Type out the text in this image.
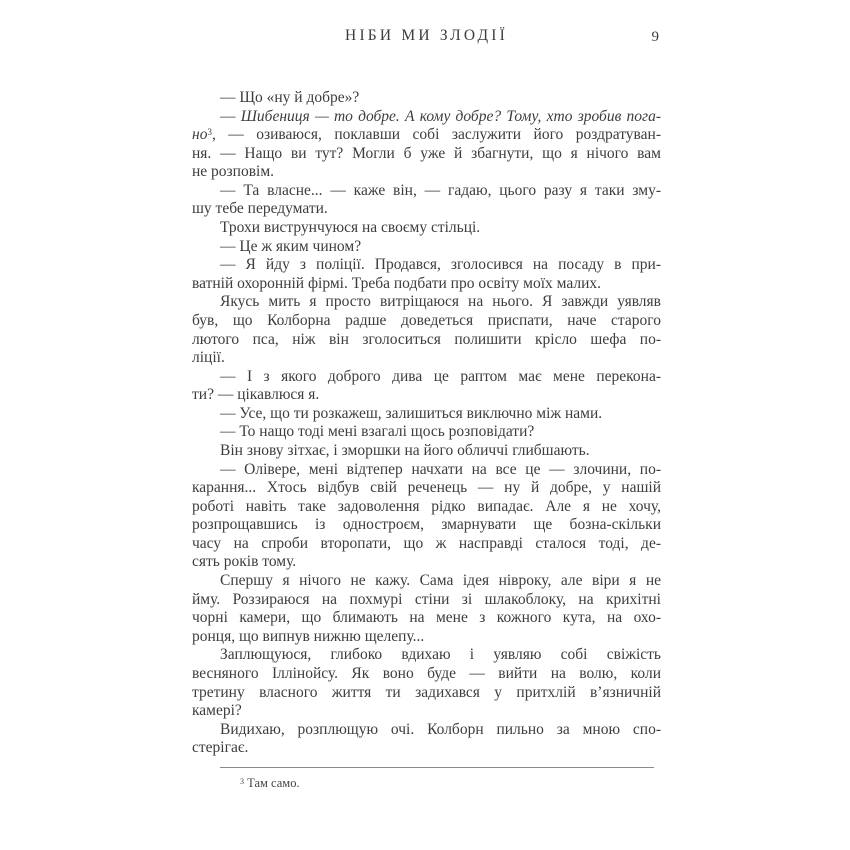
НІБИ МИ ЗЛОДІЇ	9
— Що «ну й добре»?
— Шибениця — то добре. А кому добре? Тому, хто зробив пога-
$но^3$, — озиваюся, поклавши собі заслужити його роздратуван-
ня. — Нащо ви тут? Могли б уже й збагнути, що я нічого вам
не розповім.
— Та власне... — каже він, — гадаю, цього разу я таки зму-
шу тебе передумати.
Трохи виструнчуюся на своєму стільці.
— Це ж яким чином?
— Я йду з поліції. Продався, зголосився на посаду в при-
ватній охоронній фірмі. Треба подбати про освіту моїх малих.
Якусь мить я просто витріщаюся на нього. Я завжди уявляв
був, що Колборна радше доведеться приспати, наче старого
лютого пса, ніж він зголоситься полишити крісло шефа по-
ліції.
— І з якого доброго дива це раптом має мене перекона-
ти? — цікавлюся я.
— Усе, що ти розкажеш, залишиться виключно між нами.
— То нащо тоді мені взагалі щось розповідати?
Він знову зітхає, і зморшки на його обличчі глибшають.
— Олівере, мені відтепер начхати на все це — злочини, по-
карання... Хтось відбув свій реченець — ну й добре, у нашій
роботі навіть таке задоволення рідко випадає. Але я не хочу,
розпрощавшись із одностроєм, змарнувати ще бозна-скільки
часу на спроби второпати, що ж насправді сталося тоді, де-
сять років тому.
Спершу я нічого не кажу. Сама ідея нівроку, але віри я не
йму. Роззираюся на похмурі стіни зі шлакоблоку, на крихітні
чорні камери, що блимають на мене з кожного кута, на охо-
ронця, що випнув нижню щелепу...
Заплющуюся, глибоко вдихаю і уявляю собі свіжість
весняного Іллінойсу. Як воно буде — вийти на волю, коли
третину власного життя ти задихався у притхлій в’язничній
камері?
Видихаю, розплющую очі. Колборн пильно за мною спо-
стерігає.
$^3$ Там само.
